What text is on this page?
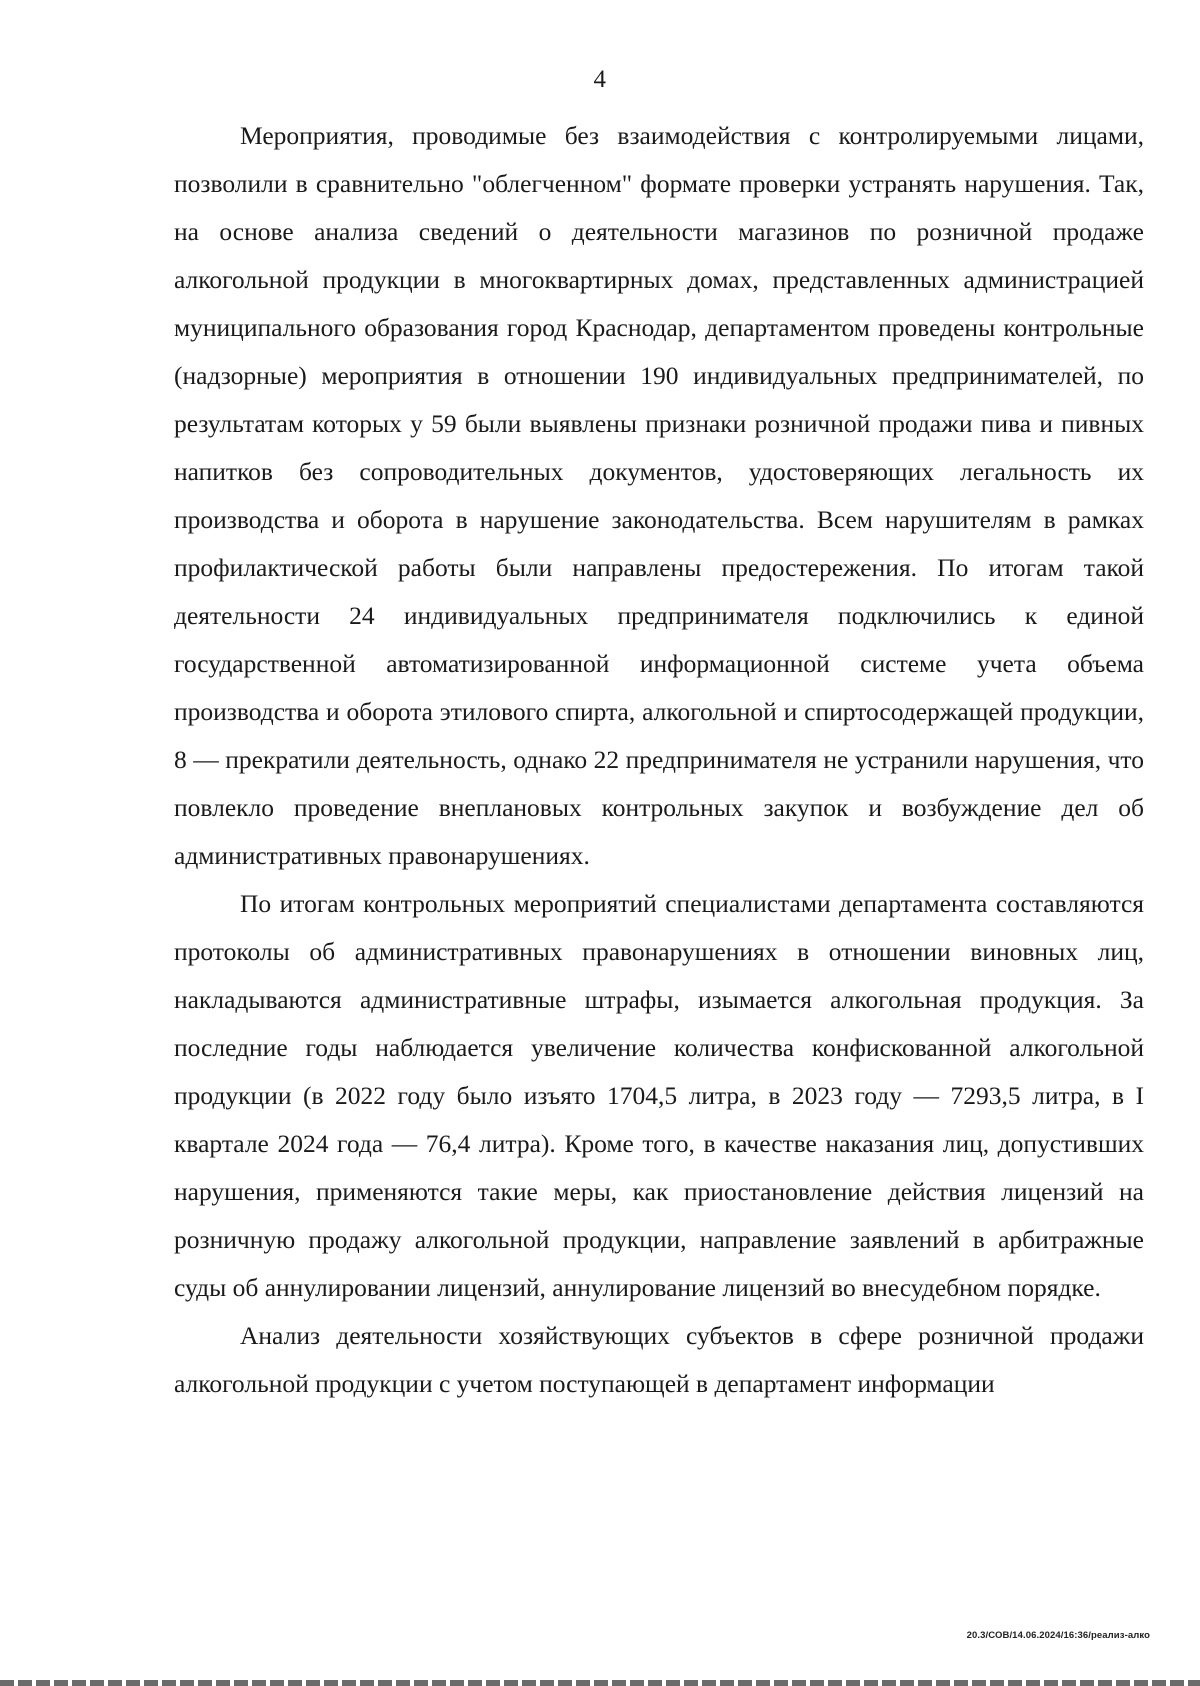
4

Мероприятия, проводимые без взаимодействия с контролируемыми лицами, позволили в сравнительно "облегченном" формате проверки устранять нарушения. Так, на основе анализа сведений о деятельности магазинов по розничной продаже алкогольной продукции в многоквартирных домах, представленных администрацией муниципального образования город Краснодар, департаментом проведены контрольные (надзорные) мероприятия в отношении 190 индивидуальных предпринимателей, по результатам которых у 59 были выявлены признаки розничной продажи пива и пивных напитков без сопроводительных документов, удостоверяющих легальность их производства и оборота в нарушение законодательства. Всем нарушителям в рамках профилактической работы были направлены предостережения. По итогам такой деятельности 24 индивидуальных предпринимателя подключились к единой государственной автоматизированной информационной системе учета объема производства и оборота этилового спирта, алкогольной и спиртосодержащей продукции, 8 — прекратили деятельность, однако 22 предпринимателя не устранили нарушения, что повлекло проведение внеплановых контрольных закупок и возбуждение дел об административных правонарушениях.

По итогам контрольных мероприятий специалистами департамента составляются протоколы об административных правонарушениях в отношении виновных лиц, накладываются административные штрафы, изымается алкогольная продукция. За последние годы наблюдается увеличение количества конфискованной алкогольной продукции (в 2022 году было изъято 1704,5 литра, в 2023 году — 7293,5 литра, в I квартале 2024 года — 76,4 литра). Кроме того, в качестве наказания лиц, допустивших нарушения, применяются такие меры, как приостановление действия лицензий на розничную продажу алкогольной продукции, направление заявлений в арбитражные суды об аннулировании лицензий, аннулирование лицензий во внесудебном порядке.

Анализ деятельности хозяйствующих субъектов в сфере розничной продажи алкогольной продукции с учетом поступающей в департамент информации

20.3/СОВ/14.06.2024/16:36/реализ-алко
